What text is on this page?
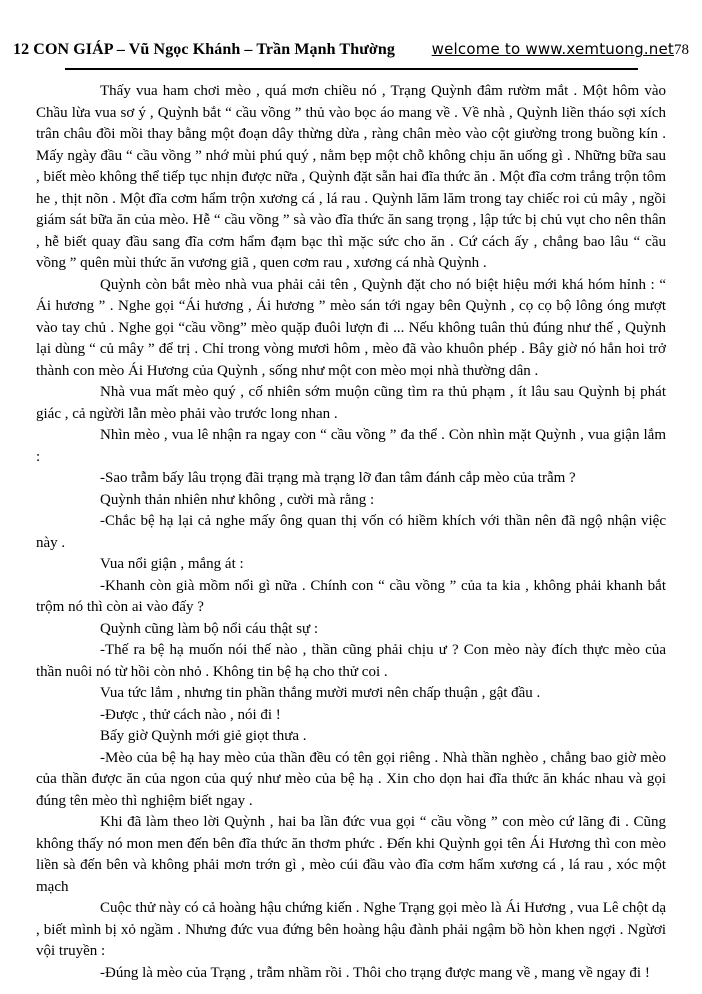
12 CON GIÁP – Vũ Ngọc Khánh – Trần Mạnh Thường welcome to www.xemtuong.net78

Thấy vua ham chơi mèo , quá mơn chiều nó , Trạng Quỳnh đâm rườm mắt . Một hôm vào Chầu lừa vua sơ ý , Quỳnh bắt “ cầu vồng ” thủ vào bọc áo mang về . Về nhà , Quỳnh liền tháo sợi xích trân châu đồi mồi thay bằng một đoạn dây thừng dừa , ràng chân mèo vào cột giường trong buồng kín . Mấy ngày đầu “ cầu vồng ” nhớ mùi phú quý , nằm bẹp một chỗ không chịu ăn uống gì . Những bữa sau , biết mèo không thể tiếp tục nhịn được nữa , Quỳnh đặt sẵn hai đĩa thức ăn . Một đĩa cơm trắng trộn tôm he , thịt nõn . Một đĩa cơm hẩm trộn xương cá , lá rau . Quỳnh lăm lăm trong tay chiếc roi củ mây , ngồi giám sát bữa ăn của mèo. Hễ “ cầu vồng ” sà vào đĩa thức ăn sang trọng , lập tức bị chủ vụt cho nên thân , hễ biết quay đầu sang đĩa cơm hẩm đạm bạc thì mặc sức cho ăn . Cứ cách ấy , chẳng bao lâu “ cầu vồng ” quên mùi thức ăn vương giã , quen cơm rau , xương cá nhà Quỳnh .

Quỳnh còn bắt mèo nhà vua phải cải tên , Quỳnh đặt cho nó biệt hiệu mới khá hóm hỉnh : “ Ái hương ” . Nghe gọi “Ái hương , Ái hương ” mèo sán tới ngay bên Quỳnh , cọ cọ bộ lông óng mượt vào tay chủ . Nghe gọi “cầu vồng” mèo quặp đuôi lượn đi ... Nếu không tuân thủ đúng như thế , Quỳnh lại dùng “ củ mây ” để trị . Chỉ trong vòng mươi hôm , mèo đã vào khuôn phép . Bây giờ nó hẳn hoi trở thành con mèo Ái Hương của Quỳnh , sống như một con mèo mọi nhà thường dân .

Nhà vua mất mèo quý , cố nhiên sớm muộn cũng tìm ra thủ phạm , ít lâu sau Quỳnh bị phát giác , cả ngừời lẫn mèo phải vào trước long nhan .

Nhìn mèo , vua lê nhận ra ngay con “ cầu vồng ” đa thể . Còn nhìn mặt Quỳnh , vua giận lắm :

-Sao trẫm bấy lâu trọng đãi trạng mà trạng lỡ đan tâm đánh cắp mèo của trẫm ?

Quỳnh thản nhiên như không , cười mà rằng :

-Chắc bệ hạ lại cả nghe mấy ông quan thị vốn có hiềm khích với thần nên đã ngộ nhận việc này .

Vua nổi giận , mắng át :

-Khanh còn già mồm nổi gì nữa . Chính con “ cầu vồng ” của ta kia , không phải khanh bắt trộm nó thì còn ai vào đấy ?

Quỳnh cũng làm bộ nổi cáu thật sự :

-Thế ra bệ hạ muốn nói thế nào , thần cũng phải chịu ư ? Con mèo này đích thực mèo của thần nuôi nó từ hồi còn nhỏ . Không tin bệ hạ cho thử coi .

Vua tức lắm , nhưng tin phần thắng mười mươi nên chấp thuận , gật đầu .

-Được , thử cách nào , nói đi !

Bấy giờ Quỳnh mới giẻ giọt thưa .

-Mèo của bệ hạ hay mèo của thần đều có tên gọi riêng . Nhà thần nghèo , chẳng bao giờ mèo của thần được ăn của ngon của quý như mèo của bệ hạ . Xin cho dọn hai đĩa thức ăn khác nhau và gọi đúng tên mèo thì nghiệm biết ngay .

Khi đã làm theo lời Quỳnh , hai ba lần đức vua gọi “ cầu vồng ” con mèo cứ lãng đi . Cũng không thấy nó mon men đến bên đĩa thức ăn thơm phức . Đến khi Quỳnh gọi tên Ái Hương thì con mèo liền sà đến bên và không phải mơn trớn gì , mèo cúi đầu vào đĩa cơm hẩm xương cá , lá rau , xóc một mạch

Cuộc thử này có cả hoàng hậu chứng kiến . Nghe Trạng gọi mèo là Ái Hương , vua Lê chột dạ , biết mình bị xỏ ngầm . Nhưng đức vua đứng bên hoàng hậu đành phải ngậm bồ hòn khen ngợi . Ngừơi vội truyền :

-Đúng là mèo của Trạng , trẫm nhầm rồi . Thôi cho trạng được mang về , mang về ngay đi !
